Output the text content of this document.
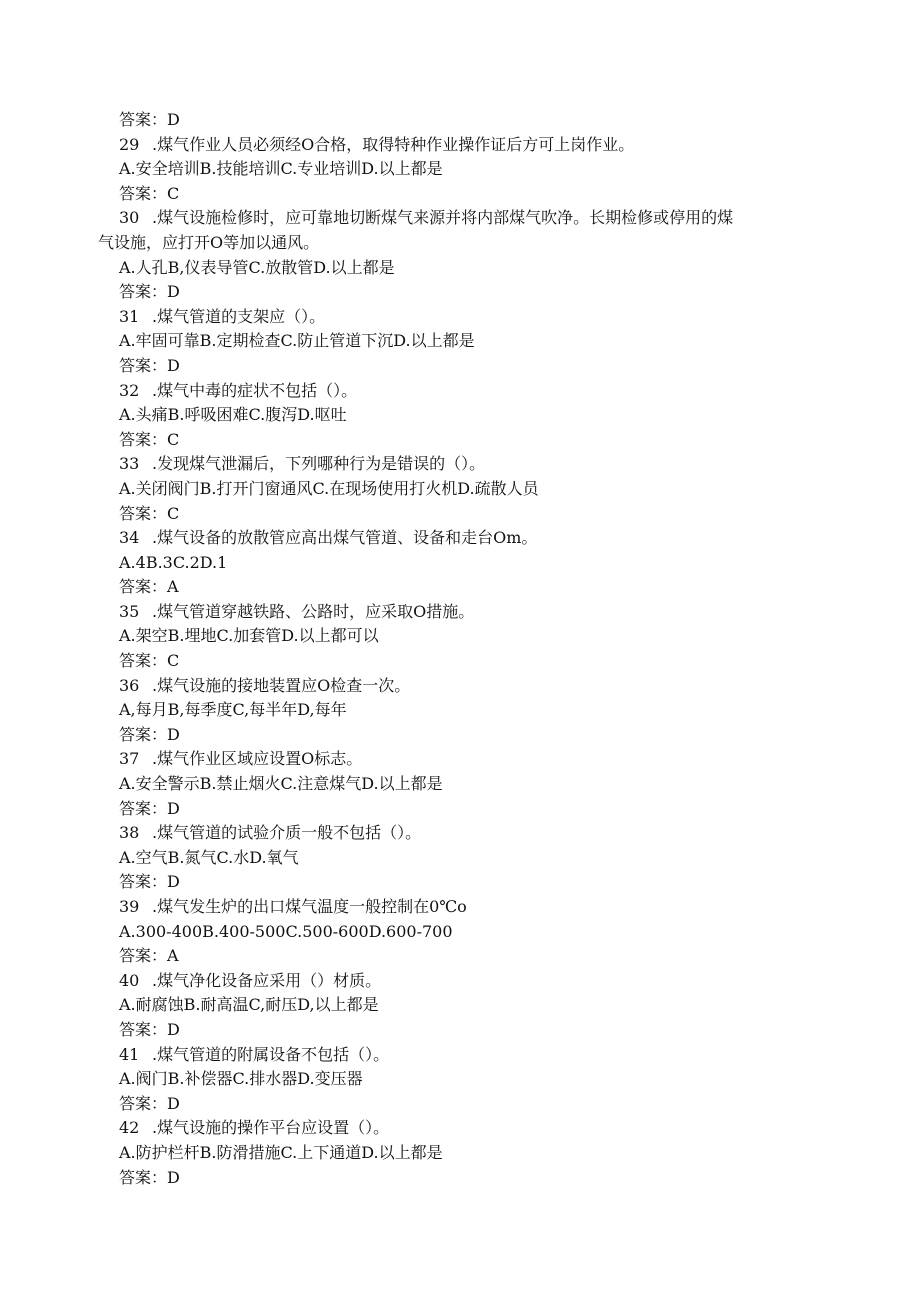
答案：D
29 .煤气作业人员必须经O合格，取得特种作业操作证后方可上岗作业。
A.安全培训B.技能培训C.专业培训D.以上都是
答案：C
30 .煤气设施检修时，应可靠地切断煤气来源并将内部煤气吹净。长期检修或停用的煤
气设施，应打开O等加以通风。
A.人孔B,仪表导管C.放散管D.以上都是
答案：D
31 .煤气管道的支架应（）。
A.牢固可靠B.定期检查C.防止管道下沉D.以上都是
答案：D
32 .煤气中毒的症状不包括（）。
A.头痛B.呼吸困难C.腹泻D.呕吐
答案：C
33 .发现煤气泄漏后，下列哪种行为是错误的（）。
A.关闭阀门B.打开门窗通风C.在现场使用打火机D.疏散人员
答案：C
34 .煤气设备的放散管应高出煤气管道、设备和走台Om。
A.4B.3C.2D.1
答案：A
35 .煤气管道穿越铁路、公路时，应采取O措施。
A.架空B.埋地C.加套管D.以上都可以
答案：C
36 .煤气设施的接地装置应O检查一次。
A,每月B,每季度C,每半年D,每年
答案：D
37 .煤气作业区域应设置O标志。
A.安全警示B.禁止烟火C.注意煤气D.以上都是
答案：D
38 .煤气管道的试验介质一般不包括（）。
A.空气B.氮气C.水D.氧气
答案：D
39 .煤气发生炉的出口煤气温度一般控制在0℃o
A.300-400B.400-500C.500-600D.600-700
答案：A
40 .煤气净化设备应采用（）材质。
A.耐腐蚀B.耐高温C,耐压D,以上都是
答案：D
41 .煤气管道的附属设备不包括（）。
A.阀门B.补偿器C.排水器D.变压器
答案：D
42 .煤气设施的操作平台应设置（）。
A.防护栏杆B.防滑措施C.上下通道D.以上都是
答案：D
